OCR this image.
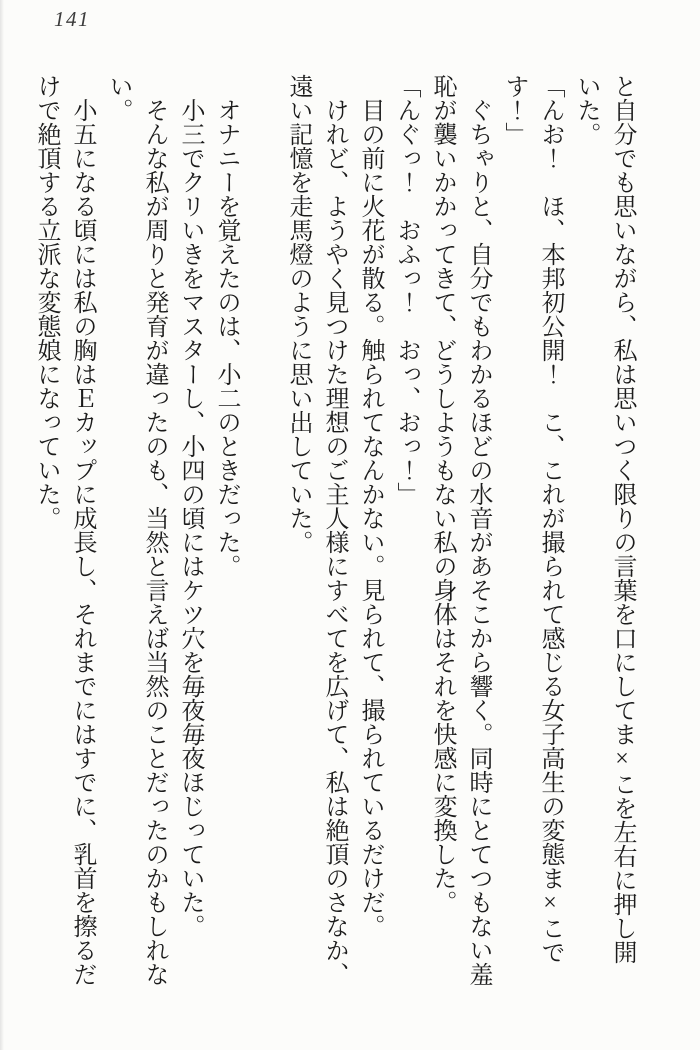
141

と自分でも思いながら、私は思いつく限りの言葉を口にしてま×こを左右に押し開いた。

「んお！　ほ、本邦初公開！　こ、これが撮られて感じる女子高生の変態ま×こです！」

　ぐちゃりと、自分でもわかるほどの水音があそこから響く。同時にとてつもない羞恥が襲いかかってきて、どうしようもない私の身体はそれを快感に変換した。

「んぐっ！　おふっ！　おっ、おっ！」

　目の前に火花が散る。触られてなんかない。見られて、撮られているだけだ。

　けれど、ようやく見つけた理想のご主人様にすべてを広げて、私は絶頂のさなか、遠い記憶を走馬燈のように思い出していた。

　オナニーを覚えたのは、小二のときだった。

　小三でクリいきをマスターし、小四の頃にはケツ穴を毎夜毎夜ほじっていた。

　そんな私が周りと発育が違ったのも、当然と言えば当然のことだったのかもしれない。

　小五になる頃には私の胸はＥカップに成長し、それまでにはすでに、乳首を擦るだけで絶頂する立派な変態娘になっていた。
